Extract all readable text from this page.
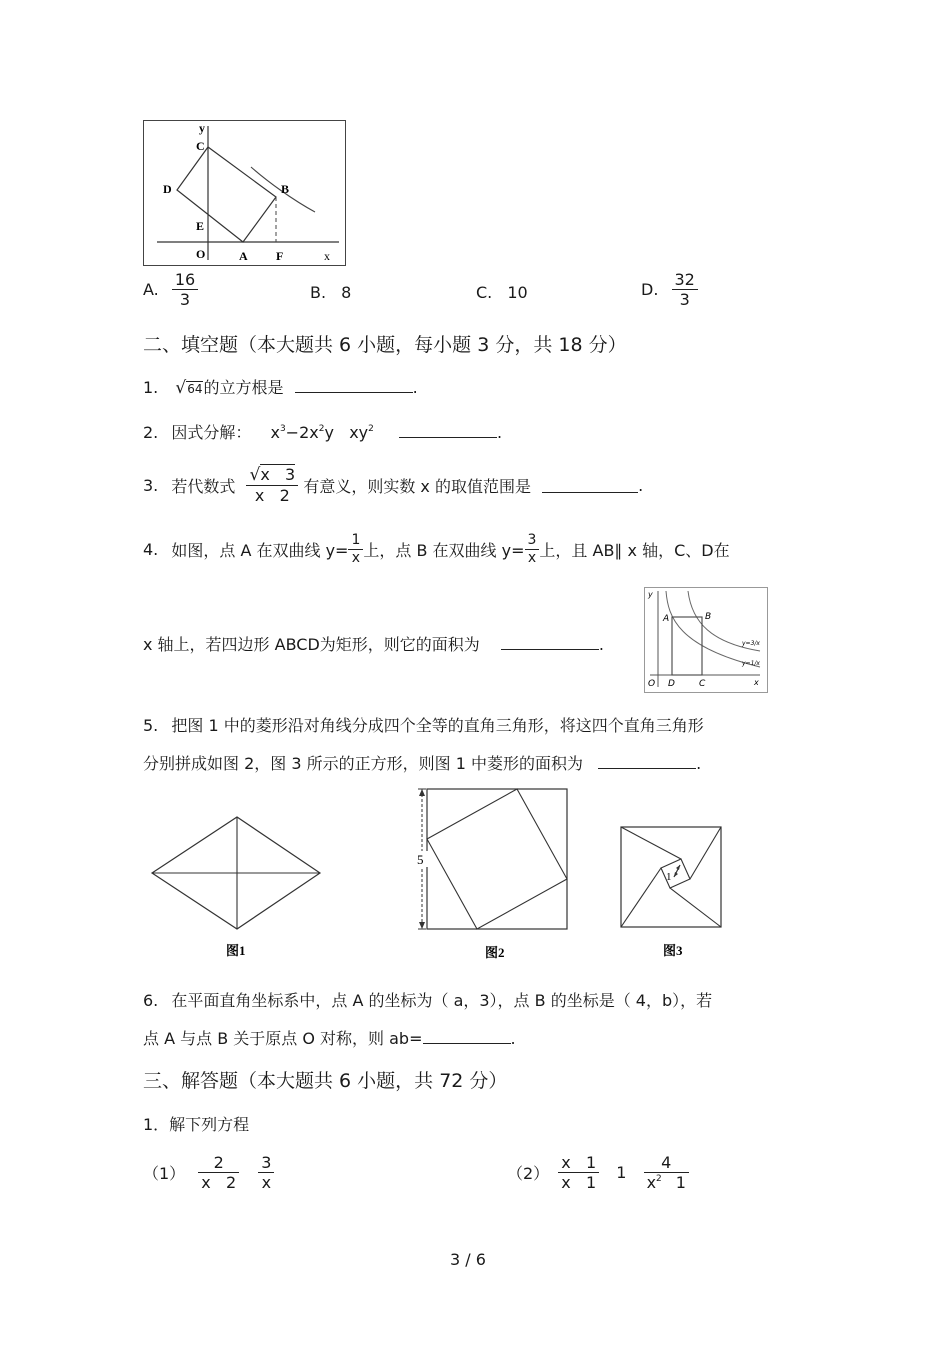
y
C
D	B
E
O	A F	x
A. $\frac{16}{3}$	B. 8	C. 10	D. $\frac{32}{3}$
二、填空题（本大题共 6 小题，每小题 3 分，共 18 分）
1. √64的立方根是	.
2. 因式分解： $x^3-2x^2y$   $xy^2$	.
3. 若代数式 $\frac{√x 3}{x 2}$ 有意义，则实数 x 的取值范围是	.
4. 如图，点 A 在双曲线 $y= \frac{1}{x}$ 上，点 B 在双曲线 $y= \frac{3}{x}$ 上，且 AB∥ x 轴，C、D在
y
x
A	B
O D	C
y=3/x
y=1/x
x 轴上，若四边形 ABCD为矩形，则它的面积为	.
5. 把图 1 中的菱形沿对角线分成四个全等的直角三角形，将这四个直角三角形
分别拼成如图 2，图 3 所示的正方形，则图 1 中菱形的面积为	.
图1
5
图2
1
图3
6. 在平面直角坐标系中，点 A 的坐标为（ a，3），点 B 的坐标是（ 4，b），若
点 A 与点 B 关于原点 O 对称，则 ab=	.
三、解答题（本大题共 6 小题，共 72 分）
1．解下列方程
$(1) \frac{2}{x 2}$
$\frac{3}{x}$	$(2) \frac{x 1}{x 1} 1 \frac{4}{x^2 1}$
3 / 6
